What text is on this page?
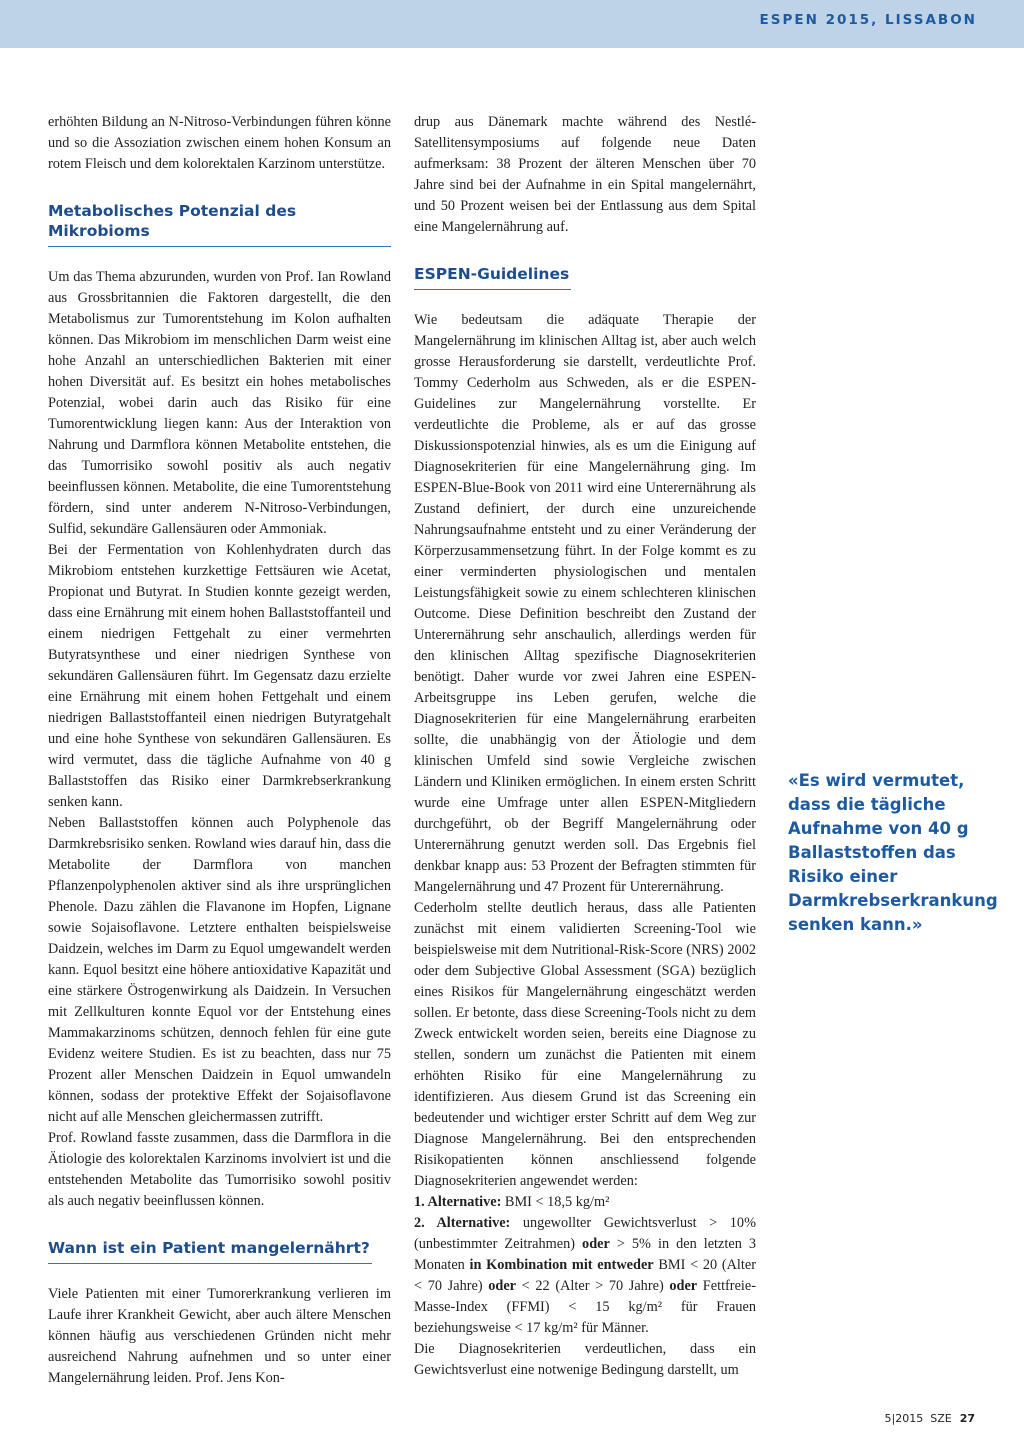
ESPEN 2015, LISSABON

erhöhten Bildung an N-Nitroso-Verbindungen führen könne und so die Assoziation zwischen einem hohen Konsum an rotem Fleisch und dem kolorektalen Karzinom unterstütze.

Metabolisches Potenzial des Mikrobioms

Um das Thema abzurunden, wurden von Prof. Ian Rowland aus Grossbritannien die Faktoren dargestellt, die den Metabolismus zur Tumorentstehung im Kolon aufhalten können. Das Mikrobiom im menschlichen Darm weist eine hohe Anzahl an unterschiedlichen Bakterien mit einer hohen Diversität auf. Es besitzt ein hohes metabolisches Potenzial, wobei darin auch das Risiko für eine Tumorentwicklung liegen kann: Aus der Interaktion von Nahrung und Darmflora können Metabolite entstehen, die das Tumorrisiko sowohl positiv als auch negativ beeinflussen können. Metabolite, die eine Tumorentstehung fördern, sind unter anderem N-Nitroso-Verbindungen, Sulfid, sekundäre Gallensäuren oder Ammoniak.

Bei der Fermentation von Kohlenhydraten durch das Mikrobiom entstehen kurzkettige Fettsäuren wie Acetat, Propionat und Butyrat. In Studien konnte gezeigt werden, dass eine Ernährung mit einem hohen Ballaststoffanteil und einem niedrigen Fettgehalt zu einer vermehrten Butyratsynthese und einer niedrigen Synthese von sekundären Gallensäuren führt. Im Gegensatz dazu erzielte eine Ernährung mit einem hohen Fettgehalt und einem niedrigen Ballaststoffanteil einen niedrigen Butyratgehalt und eine hohe Synthese von sekundären Gallensäuren. Es wird vermutet, dass die tägliche Aufnahme von 40 g Ballaststoffen das Risiko einer Darmkrebserkrankung senken kann.

Neben Ballaststoffen können auch Polyphenole das Darmkrebsrisiko senken. Rowland wies darauf hin, dass die Metabolite der Darmflora von manchen Pflanzenpolyphenolen aktiver sind als ihre ursprünglichen Phenole. Dazu zählen die Flavanone im Hopfen, Lignane sowie Sojaisoflavone. Letztere enthalten beispielsweise Daidzein, welches im Darm zu Equol umgewandelt werden kann. Equol besitzt eine höhere antioxidative Kapazität und eine stärkere Östrogenwirkung als Daidzein. In Versuchen mit Zellkulturen konnte Equol vor der Entstehung eines Mammakarzinoms schützen, dennoch fehlen für eine gute Evidenz weitere Studien. Es ist zu beachten, dass nur 75 Prozent aller Menschen Daidzein in Equol umwandeln können, sodass der protektive Effekt der Sojaisoflavone nicht auf alle Menschen gleichermassen zutrifft.

Prof. Rowland fasste zusammen, dass die Darmflora in die Ätiologie des kolorektalen Karzinoms involviert ist und die entstehenden Metabolite das Tumorrisiko sowohl positiv als auch negativ beeinflussen können.

Wann ist ein Patient mangelernährt?

Viele Patienten mit einer Tumorerkrankung verlieren im Laufe ihrer Krankheit Gewicht, aber auch ältere Menschen können häufig aus verschiedenen Gründen nicht mehr ausreichend Nahrung aufnehmen und so unter einer Mangelernährung leiden. Prof. Jens Kon-

drup aus Dänemark machte während des Nestlé-Satellitensymposiums auf folgende neue Daten aufmerksam: 38 Prozent der älteren Menschen über 70 Jahre sind bei der Aufnahme in ein Spital mangelernährt, und 50 Prozent weisen bei der Entlassung aus dem Spital eine Mangelernährung auf.

ESPEN-Guidelines

Wie bedeutsam die adäquate Therapie der Mangelernährung im klinischen Alltag ist, aber auch welch grosse Herausforderung sie darstellt, verdeutlichte Prof. Tommy Cederholm aus Schweden, als er die ESPEN-Guidelines zur Mangelernährung vorstellte. Er verdeutlichte die Probleme, als er auf das grosse Diskussionspotenzial hinwies, als es um die Einigung auf Diagnosekriterien für eine Mangelernährung ging. Im ESPEN-Blue-Book von 2011 wird eine Unterernährung als Zustand definiert, der durch eine unzureichende Nahrungsaufnahme entsteht und zu einer Veränderung der Körperzusammensetzung führt. In der Folge kommt es zu einer verminderten physiologischen und mentalen Leistungsfähigkeit sowie zu einem schlechteren klinischen Outcome. Diese Definition beschreibt den Zustand der Unterernährung sehr anschaulich, allerdings werden für den klinischen Alltag spezifische Diagnosekriterien benötigt. Daher wurde vor zwei Jahren eine ESPEN-Arbeitsgruppe ins Leben gerufen, welche die Diagnosekriterien für eine Mangelernährung erarbeiten sollte, die unabhängig von der Ätiologie und dem klinischen Umfeld sind sowie Vergleiche zwischen Ländern und Kliniken ermöglichen. In einem ersten Schritt wurde eine Umfrage unter allen ESPEN-Mitgliedern durchgeführt, ob der Begriff Mangelernährung oder Unterernährung genutzt werden soll. Das Ergebnis fiel denkbar knapp aus: 53 Prozent der Befragten stimmten für Mangelernährung und 47 Prozent für Unterernährung.

Cederholm stellte deutlich heraus, dass alle Patienten zunächst mit einem validierten Screening-Tool wie beispielsweise mit dem Nutritional-Risk-Score (NRS) 2002 oder dem Subjective Global Assessment (SGA) bezüglich eines Risikos für Mangelernährung eingeschätzt werden sollen. Er betonte, dass diese Screening-Tools nicht zu dem Zweck entwickelt worden seien, bereits eine Diagnose zu stellen, sondern um zunächst die Patienten mit einem erhöhten Risiko für eine Mangelernährung zu identifizieren. Aus diesem Grund ist das Screening ein bedeutender und wichtiger erster Schritt auf dem Weg zur Diagnose Mangelernährung. Bei den entsprechenden Risikopatienten können anschliessend folgende Diagnosekriterien angewendet werden:

1. Alternative: BMI < 18,5 kg/m²

2. Alternative: ungewollter Gewichtsverlust > 10% (unbestimmter Zeitrahmen) oder > 5% in den letzten 3 Monaten in Kombination mit entweder BMI < 20 (Alter < 70 Jahre) oder < 22 (Alter > 70 Jahre) oder Fettfreie-Masse-Index (FFMI) < 15 kg/m² für Frauen beziehungsweise < 17 kg/m² für Männer.

Die Diagnosekriterien verdeutlichen, dass ein Gewichtsverlust eine notwenige Bedingung darstellt, um

«Es wird vermutet, dass die tägliche Aufnahme von 40 g Ballaststoffen das Risiko einer Darmkrebserkrankung senken kann.»
5|2015  SZE 27
